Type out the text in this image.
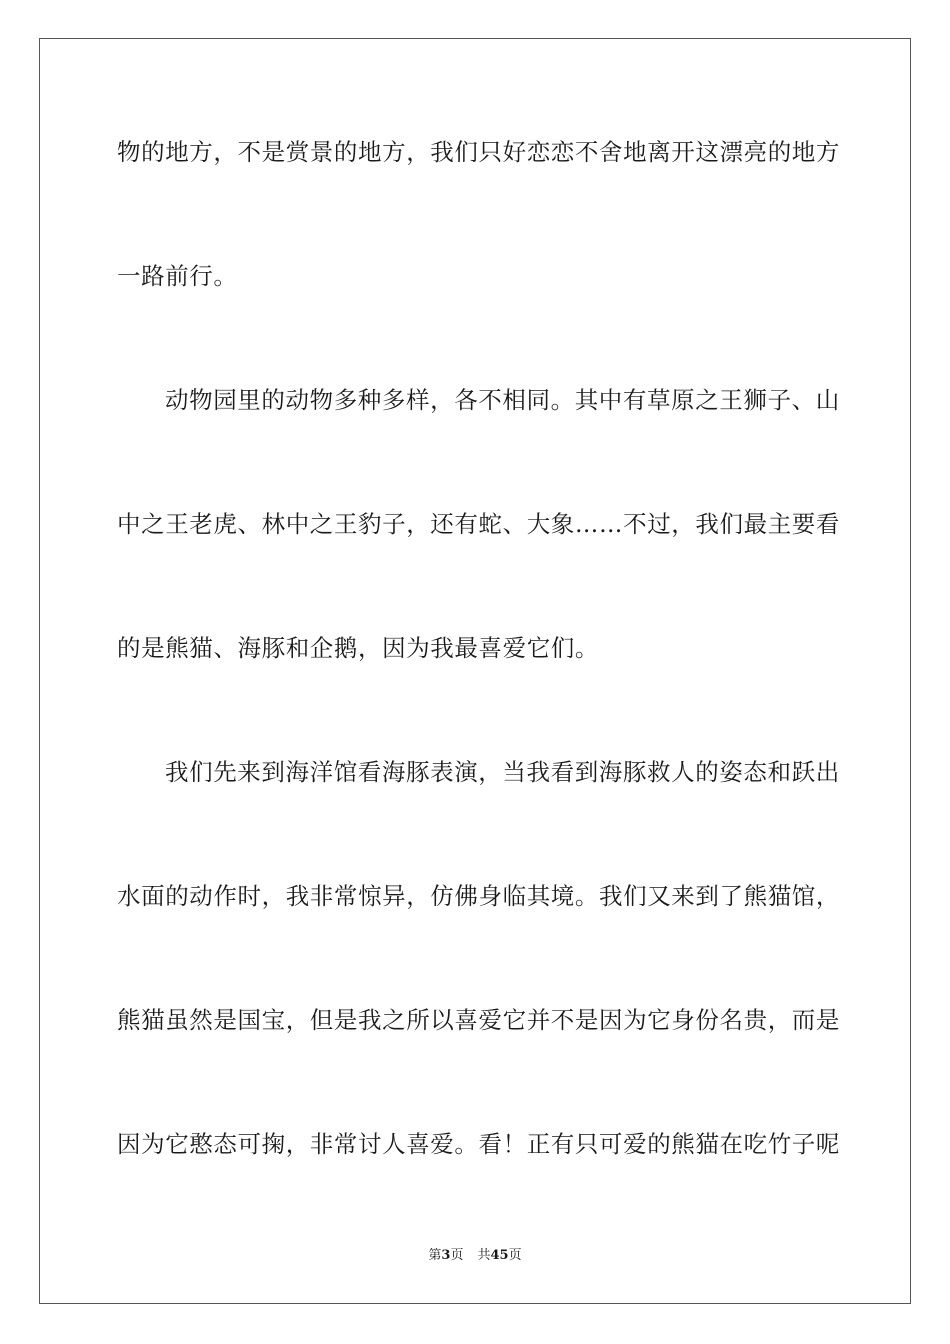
物的地方，不是赏景的地方，我们只好恋恋不舍地离开这漂亮的地方
一路前行。
动物园里的动物多种多样，各不相同。其中有草原之王狮子、山
中之王老虎、林中之王豹子，还有蛇、大象……不过，我们最主要看
的是熊猫、海豚和企鹅，因为我最喜爱它们。
我们先来到海洋馆看海豚表演，当我看到海豚救人的姿态和跃出
水面的动作时，我非常惊异，仿佛身临其境。我们又来到了熊猫馆，
熊猫虽然是国宝，但是我之所以喜爱它并不是因为它身份名贵，而是
因为它憨态可掬，非常讨人喜爱。看！正有只可爱的熊猫在吃竹子呢
第3页 共45页
